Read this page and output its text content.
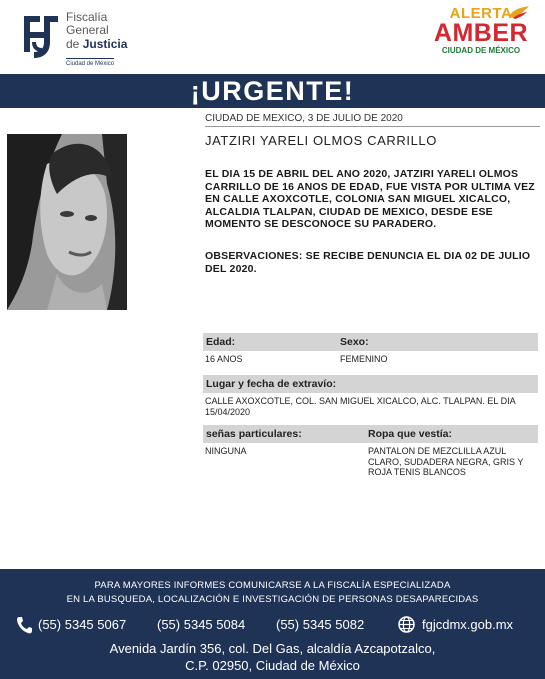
Fiscalía
General
de Justicia
Ciudad de México
ALERTA
AMBER
CIUDAD DE MÉXICO
¡URGENTE!
CIUDAD DE MEXICO, 3 DE JULIO DE 2020
JATZIRI YARELI OLMOS CARRILLO
EL DIA 15 DE ABRIL DEL ANO 2020, JATZIRI YARELI OLMOS CARRILLO DE 16 ANOS DE EDAD, FUE VISTA POR ULTIMA VEZ EN CALLE AXOXCOTLE, COLONIA SAN MIGUEL XICALCO, ALCALDIA TLALPAN, CIUDAD DE MEXICO, DESDE ESE MOMENTO SE DESCONOCE SU PARADERO.
OBSERVACIONES: SE RECIBE DENUNCIA EL DIA 02 DE JULIO DEL 2020.
Edad:	Sexo:
16 ANOS	FEMENINO
Lugar y fecha de extravío:
CALLE AXOXCOTLE, COL. SAN MIGUEL XICALCO, ALC. TLALPAN. EL DIA 15/04/2020
señas particulares:	Ropa que vestía:
NINGUNA	PANTALON DE MEZCLILLA AZUL CLARO, SUDADERA NEGRA, GRIS Y ROJA TENIS BLANCOS
PARA MAYORES INFORMES COMUNICARSE A LA FISCALÍA ESPECIALIZADA
EN LA BUSQUEDA, LOCALIZACIÓN E INVESTIGACIÓN DE PERSONAS DESAPARECIDAS
(55) 5345 5067 (55) 5345 5084 (55) 5345 5082	fgjcdmx.gob.mx
Avenida Jardín 356, col. Del Gas, alcaldía Azcapotzalco,
C.P. 02950, Ciudad de México
